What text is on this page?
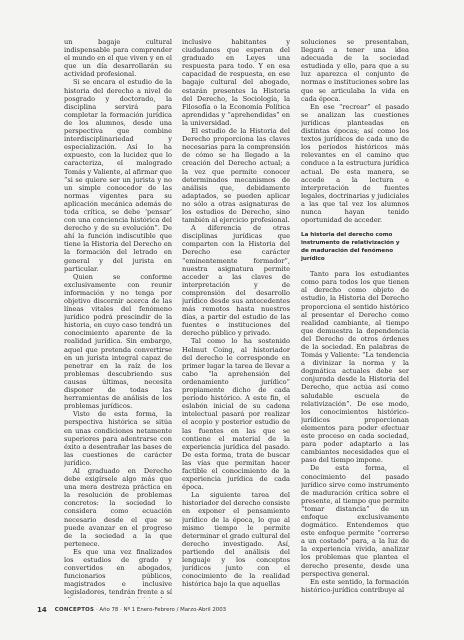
un bagaje cultural indispensable para comprender el mundo en el que viven y en el que un día desarrollarán su actividad profesional.

Si se encara el estudio de la historia del derecho a nivel de posgrado y doctorado, la disciplina servirá para completar la formación jurídica de los alumnos, desde una perspectiva que combine interdisciplinariedad y especialización. Así lo ha expuesto, con la lucidez que lo caracteriza, el malogrado Tomás y Valiente, al afirmar que “si se quiere ser un jurista y no un simple conocedor de las normas vigentes para su aplicación mecánica además de toda crítica, se debe ‘pensar’ con una conciencia histórica del derecho y de su evolución”. De ahí la función indiscutible que tiene la Historia del Derecho en la formación del letrado en general y del jurista en particular.

Quien se conforme exclusivamente con reunir información y no tenga por objetivo discernir acerca de las líneas vitales del fenómeno jurídico podrá prescindir de la historia, en cuyo caso tendrá un conocimiento aparente de la realidad jurídica. Sin embargo, aquel que pretenda convertirse en un jurista integral capaz de penetrar en la raíz de los problemas descubriendo sus causas últimas, necesita disponer de todas las herramientas de análisis de los problemas jurídicos.

Visto de esta forma, la perspectiva histórica se sitúa en unas condiciones netamente superiores para adentrarse con éxito a desentrañar las bases de las cuestiones de carácter jurídico.

Al graduado en Derecho debe exigírsele algo más que una mera destreza práctica en la resolución de problemas concretos: la sociedad lo considera como ecuación necesario desde el que se puede avanzar en el progreso de la sociedad a la que pertenece.

Es que una vez finalizados los estudios de grado y convertidos en abogados, funcionarios públicos, magistrados e inclusive legisladores, tendrán frente a sí

inclusive habitantes y ciudadanos que esperan del graduado en Leyes una respuesta para todo. Y en esa capacidad de respuesta, en ese bagaje cultural del abogado, estarán presentes la Historia del Derecho, la Sociología, la Filosofía o la Economía Política aprendidas y “aprehendidas” en la universidad.

El estudio de la Historia del Derecho proporciona las claves necesarias para la comprensión de cómo se ha llegado a la creación del Derecho actual; a la vez que permite conocer determinados mecanismos de análisis que, debidamente adaptados, se pueden aplicar no sólo a otras asignaturas de los estudios de Derecho, sino también al ejercicio profesional.

A diferencia de otras disciplinas jurídicas que comparten con la Historia del Derecho ese carácter “eminentemente formador”, nuestra asignatura permite acceder a las claves de interpretación y de comprensión del desarrollo jurídico desde sus antecedentes más remotos hasta nuestros días, a partir del estudio de las fuentes e instituciones del derecho público y privado.

Tal como lo ha sostenido Helmut Coing, al historiador del derecho le corresponde en primer lugar la tarea de llevar a cabo “la aprehensión del ordenamiento jurídico” propiamente dicho de cada período histórico. A este fin, el eslabón inicial de su cadena intelectual pasará por realizar el acopio y posterior estudio de las fuentes en las que se contiene el material de la experiencia jurídica del pasado. De esta forma, trata de buscar las vías que permitan hacer factible el conocimiento de la experiencia jurídica de cada época.

La siguiente tarea del historiador del derecho consiste en exponer el pensamiento jurídico de la época, lo que al mismo tiempo le permite determinar el grado cultural del derecho investigado. Así, partiendo del análisis del lenguaje y los conceptos jurídicos junto con el conocimiento de la realidad histórica bajo la que aquellas

soluciones se presentaban, llegará a tener una idea adecuada de la sociedad estudiada y ello, para que a su luz aparezca el conjunto de normas e instituciones sobre las que se articulaba la vida en cada época.

En ese “recrear” el pasado se analizan las cuestiones jurídicas planteadas en distintas épocas; así como los textos jurídicos de cada uno de los períodos históricos más relevantes en el camino que conduce a la estructura jurídica actual. De esta manera, se accede a la lectura e interpretación de fuentes legales, doctrinarias y judiciales a las que tal vez los alumnos nunca hayan tenido oportunidad de acceder.

La historia del derecho como instrumento de relativización y de maduración del fenómeno jurídico

Tanto para los estudiantes como para todos los que tienen al derecho como objeto de estudio, la Historia del Derecho proporciona el sentido histórico al presentar el Derecho como realidad cambiante, al tiempo que demuestra la dependencia del Derecho de otros órdenes de la sociedad. En palabras de Tomás y Valiente: “La tendencia a divinizar la norma y la dogmática actuales debe ser conjurada desde la Historia del Derecho, que actúa así como saludable escuela de relativización”. De ese modo, los conocimientos histórico-jurídicos proporcionan elementos para poder efectuar este proceso en cada sociedad, para poder adaptarlo a las cambiantes necesidades que el paso del tiempo impone.

De esta forma, el conocimiento del pasado jurídico sirve como instrumento de maduración crítica sobre el presente, al tiempo que permite “tomar distancia” de un enfoque exclusivamente dogmático. Entendemos que este enfoque permite “correrse a un costado” para, a la luz de la experiencia vivida, analizar los problemas que plantea el derecho presente, desde una perspectiva general.

En este sentido, la formación histórico-jurídica contribuye al

14 CONCEPTOS · Año 78 · Nº 1 Enero-Febrero / Marzo-Abril 2003
